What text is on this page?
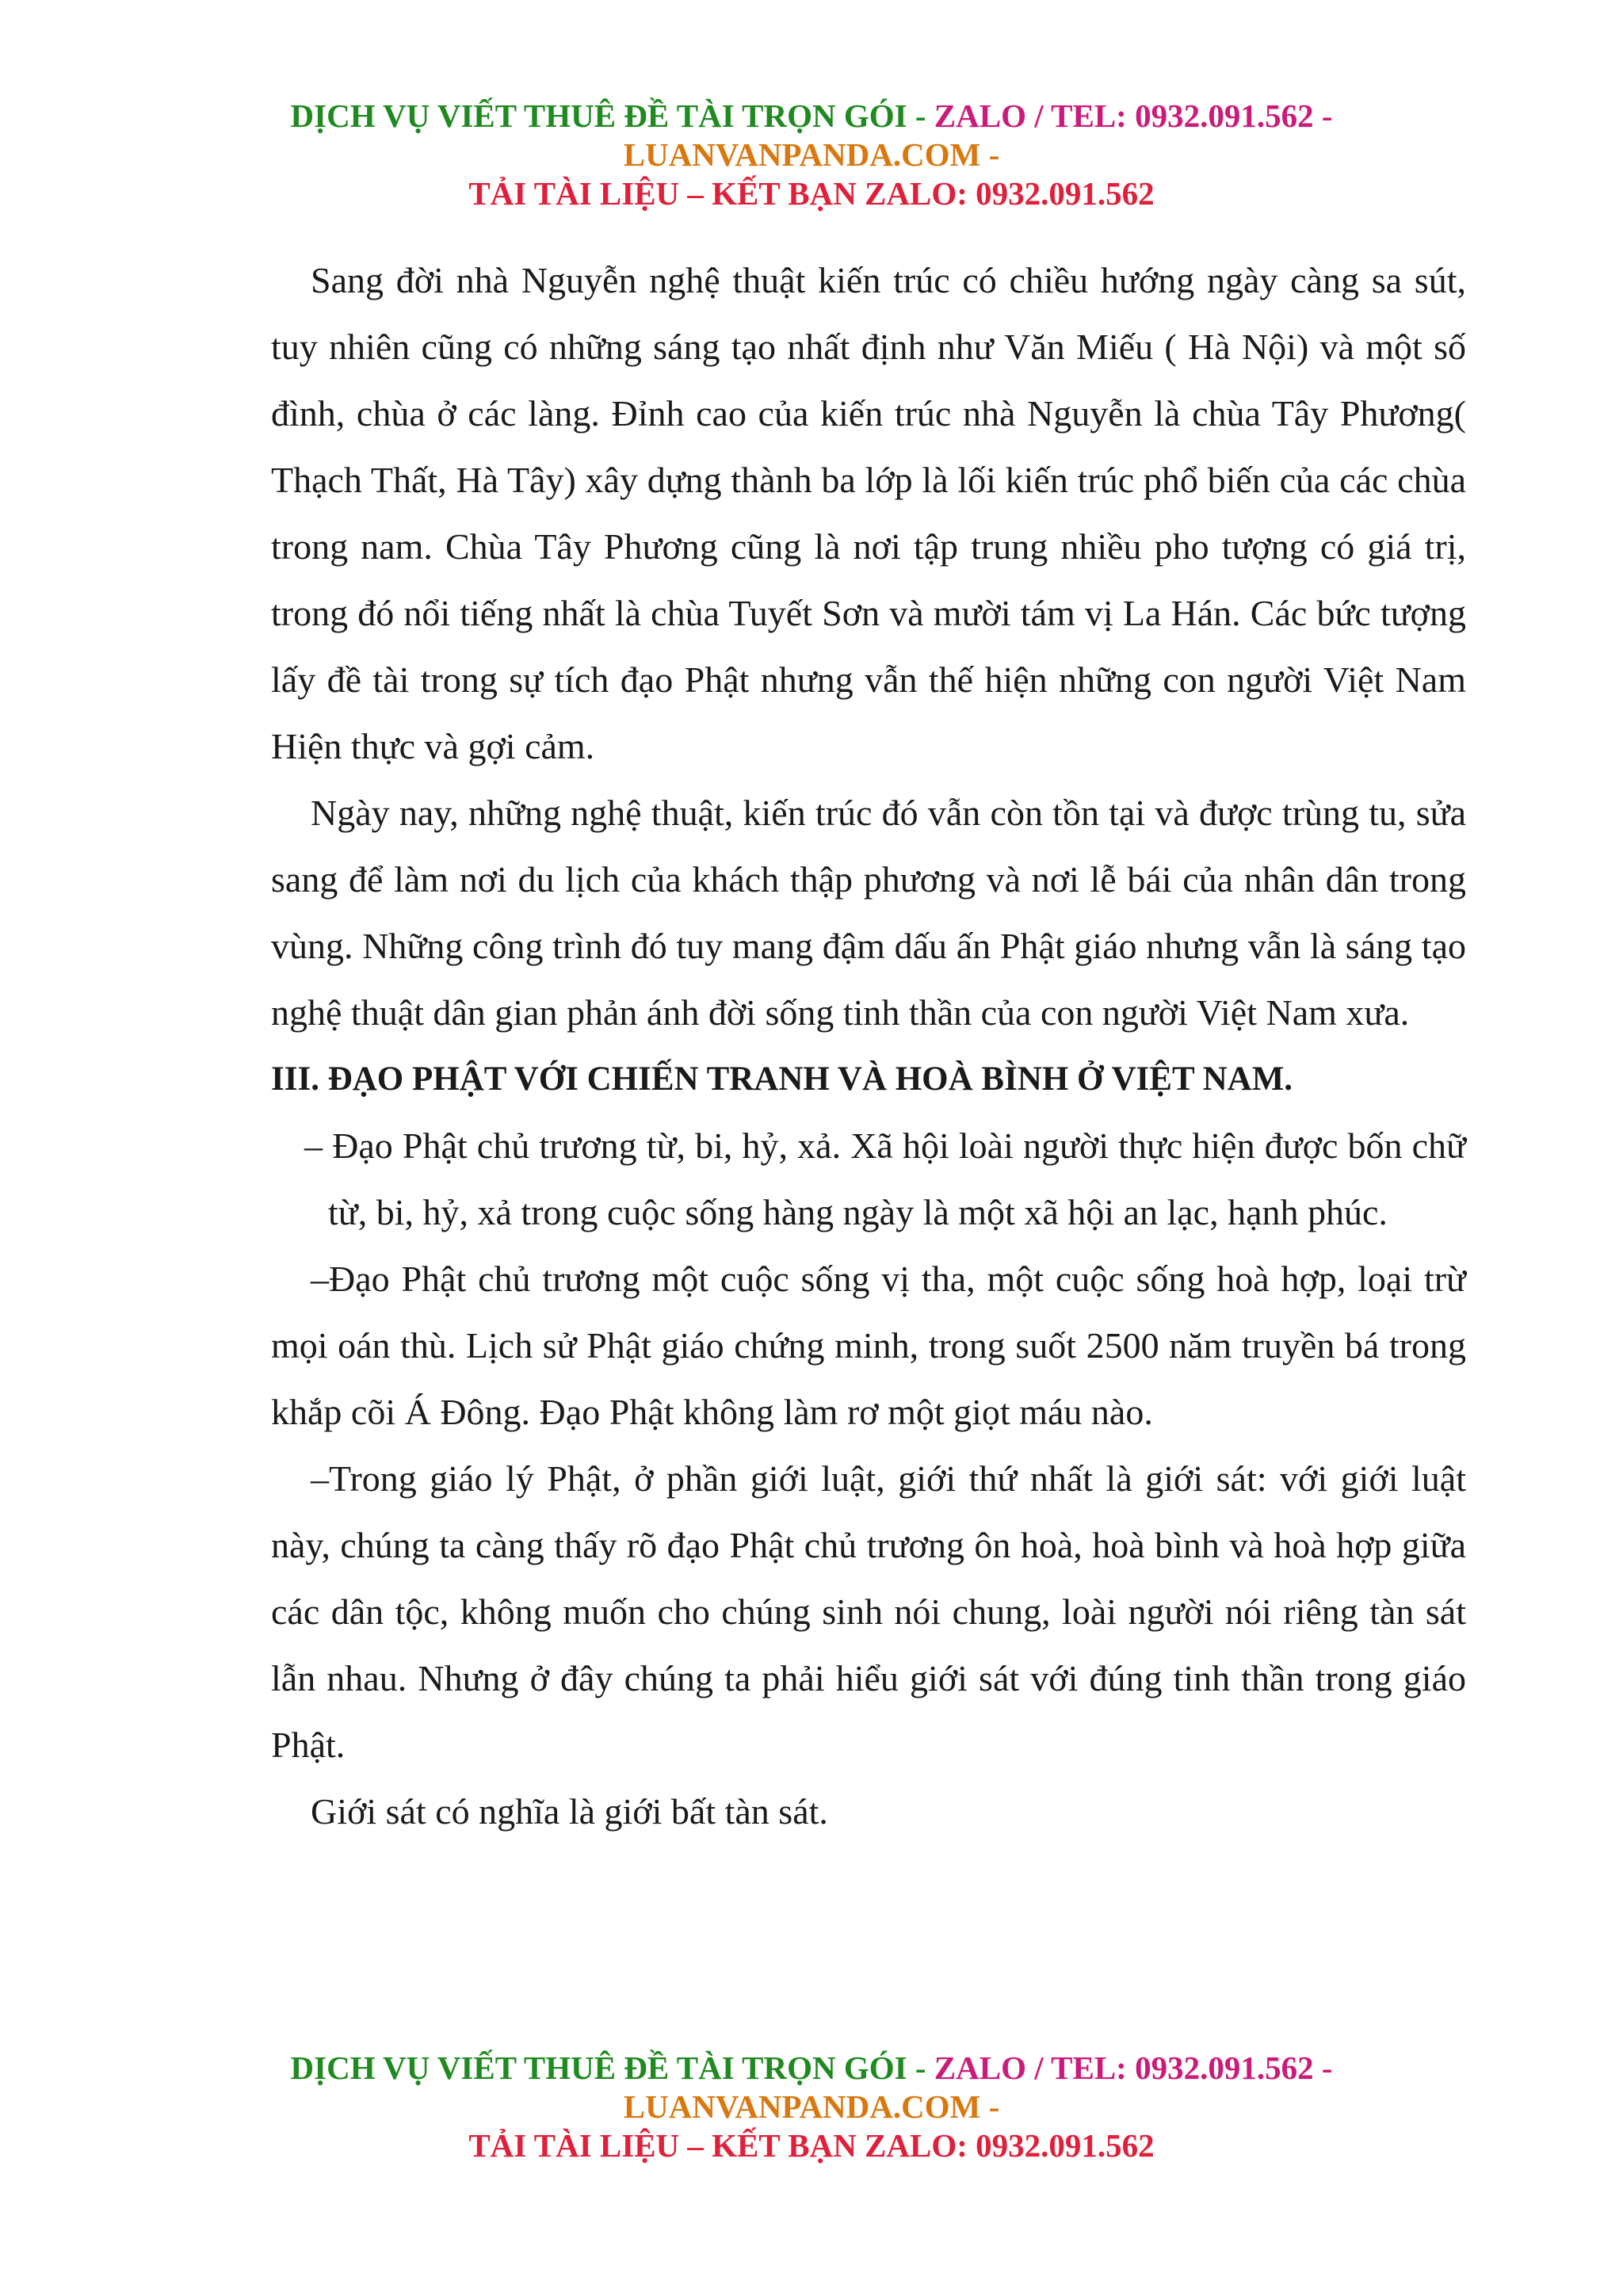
DỊCH VỤ VIẾT THUÊ ĐỀ TÀI TRỌN GÓI - ZALO / TEL: 0932.091.562 -
LUANVANPANDA.COM -
TẢI TÀI LIỆU – KẾT BẠN ZALO: 0932.091.562

Sang đời nhà Nguyễn nghệ thuật kiến trúc có chiều hướng ngày càng sa sút, tuy nhiên cũng có những sáng tạo nhất định như Văn Miếu ( Hà Nội) và một số đình, chùa ở các làng. Đỉnh cao của kiến trúc nhà Nguyễn là chùa Tây Phương( Thạch Thất, Hà Tây) xây dựng thành ba lớp là lối kiến trúc phổ biến của các chùa trong nam. Chùa Tây Phương cũng là nơi tập trung nhiều pho tượng có giá trị, trong đó nổi tiếng nhất là chùa Tuyết Sơn và mười tám vị La Hán. Các bức tượng lấy đề tài trong sự tích đạo Phật nhưng vẫn thế hiện những con người Việt Nam Hiện thực và gợi cảm.

Ngày nay, những nghệ thuật, kiến trúc đó vẫn còn tồn tại và được trùng tu, sửa sang để làm nơi du lịch của khách thập phương và nơi lễ bái của nhân dân trong vùng. Những công trình đó tuy mang đậm dấu ấn Phật giáo nhưng vẫn là sáng tạo nghệ thuật dân gian phản ánh đời sống tinh thần của con người Việt Nam xưa.

III. ĐẠO PHẬT VỚI CHIẾN TRANH VÀ HOÀ BÌNH Ở VIỆT NAM.

– Đạo Phật chủ trương từ, bi, hỷ, xả. Xã hội loài người thực hiện được bốn chữ từ, bi, hỷ, xả trong cuộc sống hàng ngày là một xã hội an lạc, hạnh phúc.

–Đạo Phật chủ trương một cuộc sống vị tha, một cuộc sống hoà hợp, loại trừ mọi oán thù. Lịch sử Phật giáo chứng minh, trong suốt 2500 năm truyền bá trong khắp cõi Á Đông. Đạo Phật không làm rơ một giọt máu nào.

–Trong giáo lý Phật, ở phần giới luật, giới thứ nhất là giới sát: với giới luật này, chúng ta càng thấy rõ đạo Phật chủ trương ôn hoà, hoà bình và hoà hợp giữa các dân tộc, không muốn cho chúng sinh nói chung, loài người nói riêng tàn sát lẫn nhau. Nhưng ở đây chúng ta phải hiểu giới sát với đúng tinh thần trong giáo Phật.

Giới sát có nghĩa là giới bất tàn sát.

DỊCH VỤ VIẾT THUÊ ĐỀ TÀI TRỌN GÓI - ZALO / TEL: 0932.091.562 -
LUANVANPANDA.COM -
TẢI TÀI LIỆU – KẾT BẠN ZALO: 0932.091.562
